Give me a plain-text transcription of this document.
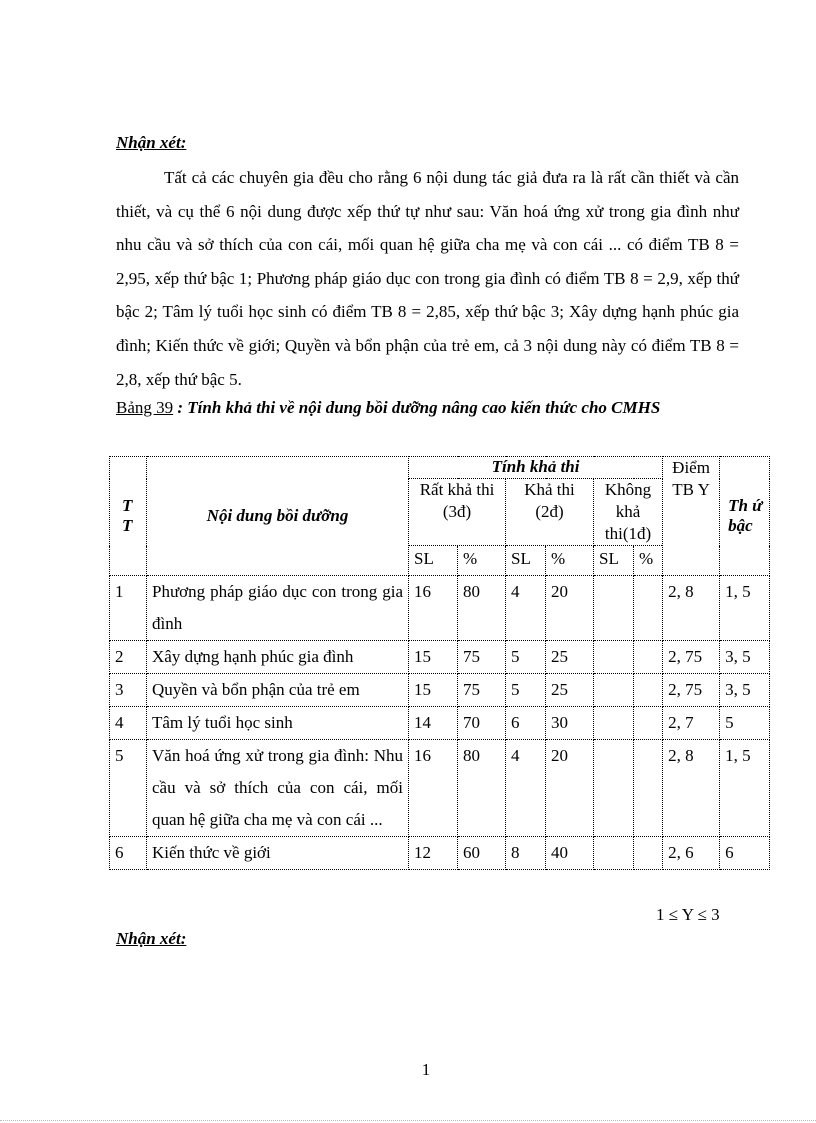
Nhận xét:

Tất cả các chuyên gia đều cho rằng 6 nội dung tác giả đưa ra là rất cần thiết và cần thiết, và cụ thể 6 nội dung được xếp thứ tự như sau: Văn hoá ứng xử trong gia đình như nhu cầu và sở thích của con cái, mối quan hệ giữa cha mẹ và con cái ... có điểm TB 8 = 2,95, xếp thứ bậc 1; Phương pháp giáo dục con trong gia đình có điểm TB 8 = 2,9, xếp thứ bậc 2; Tâm lý tuổi học sinh có điểm TB 8 = 2,85, xếp thứ bậc 3; Xây dựng hạnh phúc gia đình; Kiến thức về giới; Quyền và bổn phận của trẻ em, cả 3 nội dung này có điểm TB 8 = 2,8, xếp thứ bậc 5.

Bảng 39 : Tính khả thi về nội dung bồi dưỡng nâng cao kiến thức cho CMHS

T T	Nội dung bồi dưỡng	Tính khả thi						Điểm TB Y	Th ứ bậc
		Rất khả thi (3đ)		Khả thi (2đ)		Không khả thi(1đ)			
		SL	%	SL	%	SL	%		
1	Phương pháp giáo dục con trong gia đình	16	80	4	20			2, 8	1, 5
2	Xây dựng hạnh phúc gia đình	15	75	5	25			2, 75	3, 5
3	Quyền và bổn phận của trẻ em	15	75	5	25			2, 75	3, 5
4	Tâm lý tuổi học sinh	14	70	6	30			2, 7	5
5	Văn hoá ứng xử trong gia đình: Nhu cầu và sở thích của con cái, mối quan hệ giữa cha mẹ và con cái ...	16	80	4	20			2, 8	1, 5
6	Kiến thức về giới	12	60	8	40			2, 6	6
1 ≤ Y ≤ 3
Nhận xét:
1
